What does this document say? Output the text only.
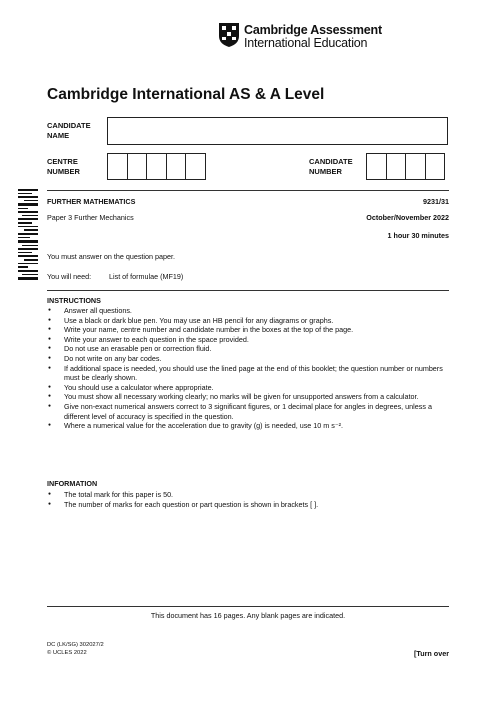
Cambridge Assessment
International Education
Cambridge International AS & A Level
CANDIDATE
NAME
CENTRE
NUMBER
CANDIDATE
NUMBER
FURTHER MATHEMATICS	9231/31
Paper 3 Further Mechanics	October/November 2022
1 hour 30 minutes
You must answer on the question paper.
You will need: List of formulae (MF19)
INSTRUCTIONS
● Answer all questions.
● Use a black or dark blue pen. You may use an HB pencil for any diagrams or graphs.
● Write your name, centre number and candidate number in the boxes at the top of the page.
● Write your answer to each question in the space provided.
● Do not use an erasable pen or correction fluid.
● Do not write on any bar codes.
● If additional space is needed, you should use the lined page at the end of this booklet; the question number or numbers must be clearly shown.
● You should use a calculator where appropriate.
● You must show all necessary working clearly; no marks will be given for unsupported answers from a calculator.
● Give non-exact numerical answers correct to 3 significant figures, or 1 decimal place for angles in degrees, unless a different level of accuracy is specified in the question.
● Where a numerical value for the acceleration due to gravity (g) is needed, use 10 m s⁻².
INFORMATION
● The total mark for this paper is 50.
● The number of marks for each question or part question is shown in brackets [ ].
This document has 16 pages. Any blank pages are indicated.
DC (LK/SG) 302027/2
© UCLES 2022	[Turn over
